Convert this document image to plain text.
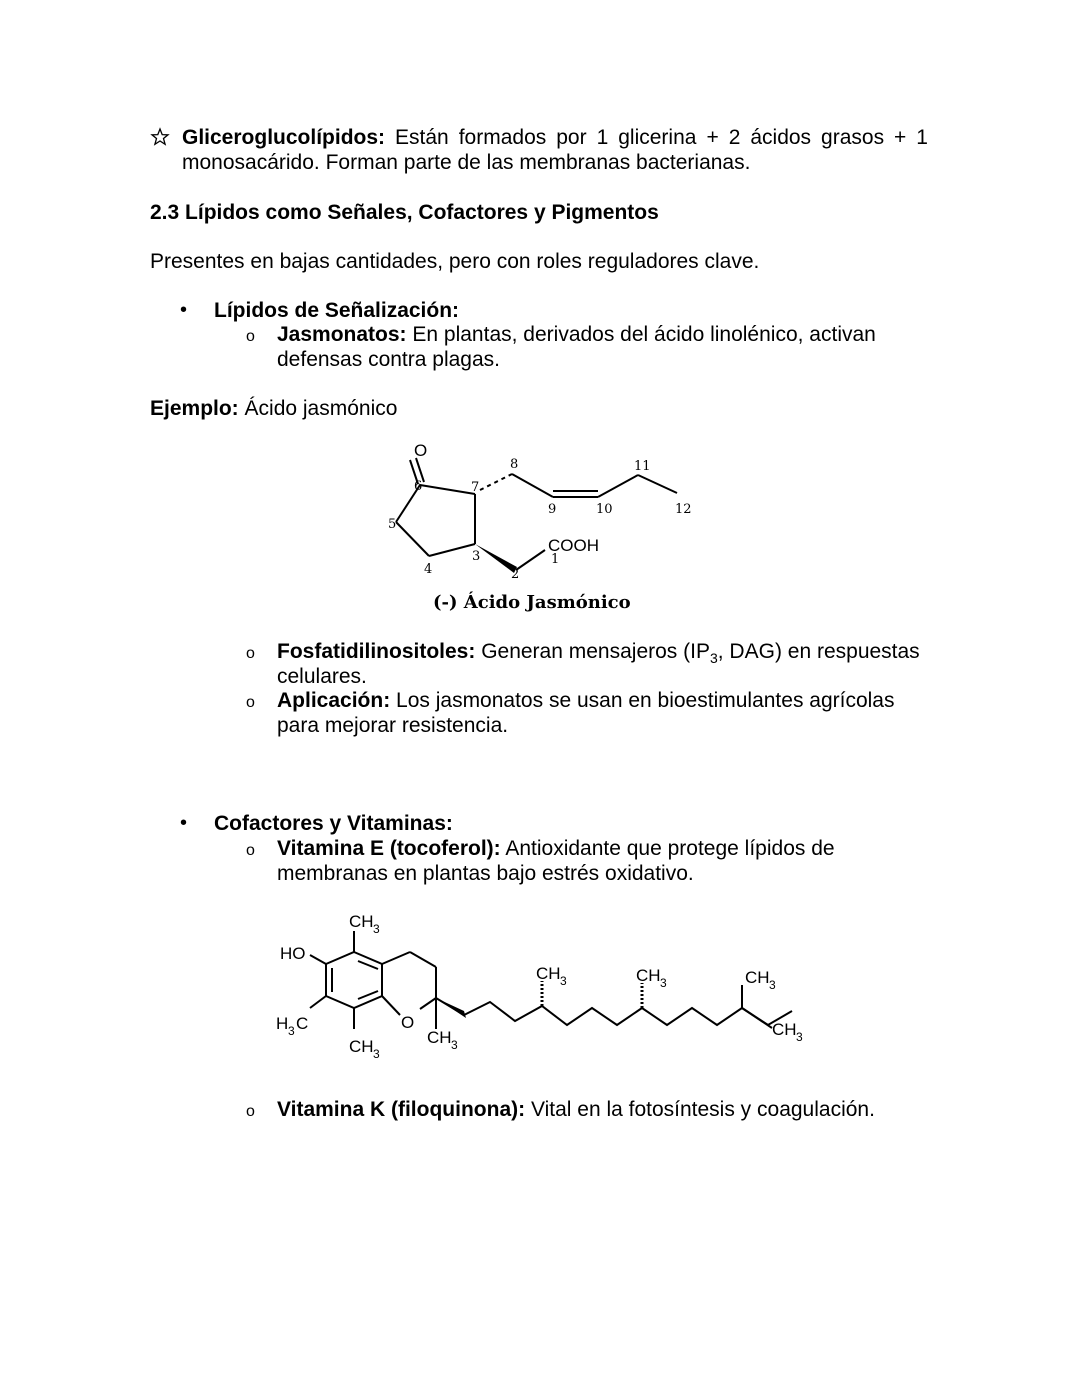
Gliceroglucolípidos: Están formados por 1 glicerina + 2 ácidos grasos + 1
monosacárido. Forman parte de las membranas bacterianas.
2.3 Lípidos como Señales, Cofactores y Pigmentos
Presentes en bajas cantidades, pero con roles reguladores clave.
• Lípidos de Señalización:
o Jasmonatos: En plantas, derivados del ácido linolénico, activan
defensas contra plagas.
Ejemplo: Ácido jasmónico
O
COOH
1
2
3
4
5
6	7
8
9	10
11
12
(-) Ácido Jasmónico
o Fosfatidilinositoles: Generan mensajeros ($IP_3$, DAG) en respuestas
celulares.
o Aplicación: Los jasmonatos se usan en bioestimulantes agrícolas
para mejorar resistencia.
• Cofactores y Vitaminas:
o Vitamina E (tocoferol): Antioxidante que protege lípidos de
membranas en plantas bajo estrés oxidativo.
HO
O
CH 3
H 3 C
CH 3
CH 3
CH 3	CH 3	CH 3
CH 3
o Vitamina K (filoquinona): Vital en la fotosíntesis y coagulación.
